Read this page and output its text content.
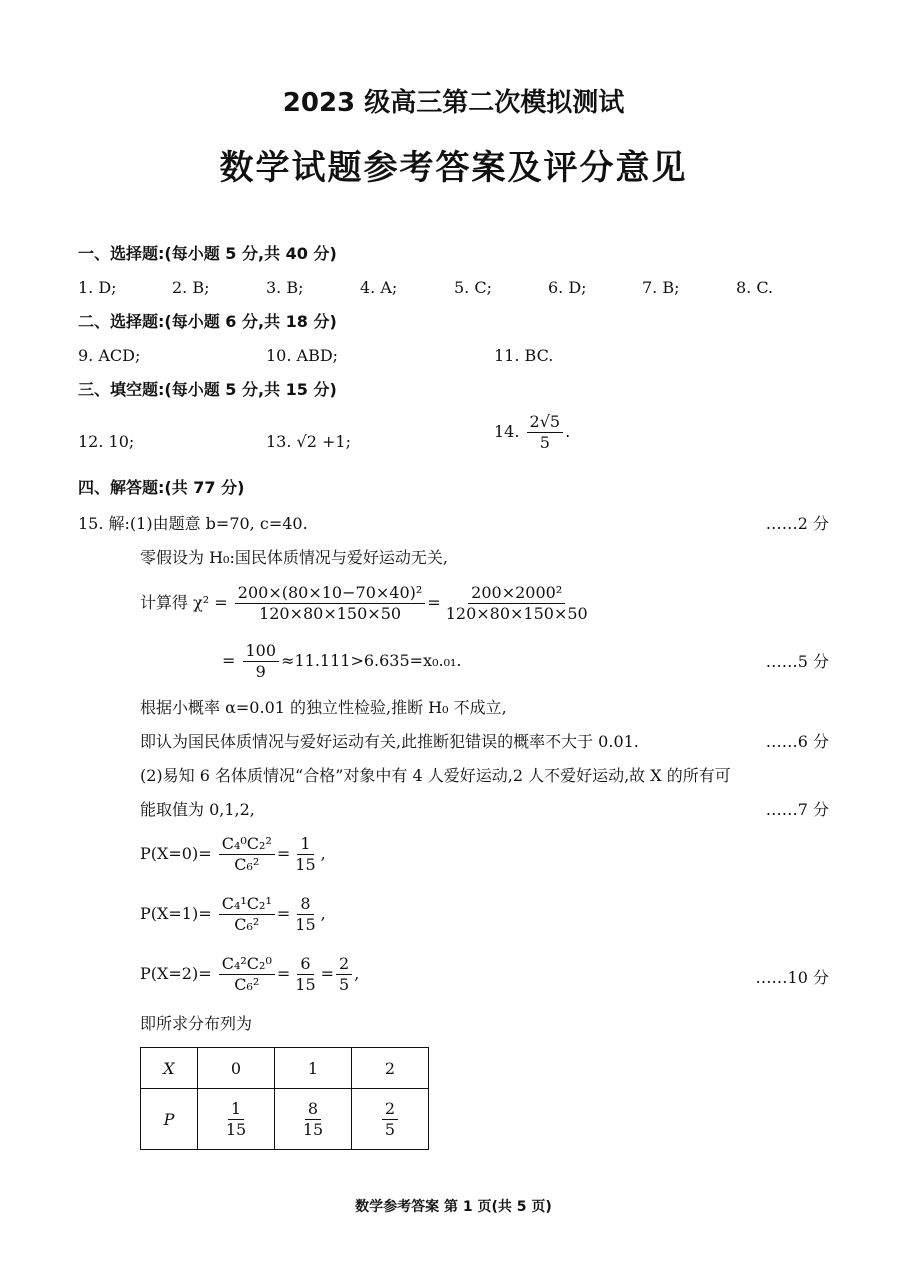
2023 级高三第二次模拟测试
数学试题参考答案及评分意见
一、选择题:(每小题 5 分,共 40 分)
1. D;	2. B;	3. B;	4. A;	5. C;	6. D;	7. B;	8. C.
二、选择题:(每小题 6 分,共 18 分)
9. ACD;	10. ABD;	11. BC.
三、填空题:(每小题 5 分,共 15 分)
12. 10;	13. √2 +1;
14. $\frac{2√5}{5}$ .
四、解答题:(共 77 分)
15. 解:(1)由题意 b=70, c=40.	……2 分
零假设为 H₀:国民体质情况与爱好运动无关,
计算得 $\chi^2 = \frac{\text{200×(80×10−70×40)²}}{120\times 80\times 150\times 50} = \frac{\text{200×2000²}}{120\times 80\times 150\times 50}$
= $\frac{100}{9} \approx 11.111>6.635=x_0._{01}$.	……5 分
根据小概率 α=0.01 的独立性检验,推断 H₀ 不成立,
即认为国民体质情况与爱好运动有关,此推断犯错误的概率不大于 0.01.	……6 分
(2)易知 6 名体质情况“合格”对象中有 4 人爱好运动,2 人不爱好运动,故 X 的所有可
能取值为 0,1,2,	……7 分
$P(X=0)= \frac{\text{C₄⁰C₂²}}{\text{C₆²}} = \frac{1}{15}$ ,
$P(X=1)= \frac{\text{C₄¹C₂¹}}{\text{C₆²}} = \frac{8}{15}$ ,
$P(X=2)= \frac{\text{C₄²C₂⁰}}{\text{C₆²}} = \frac{6}{15} = \frac{2}{5}$ ,	……10 分
即所求分布列为
X	0	1	2
P	$\frac{1}{15}$	$\frac{8}{15}$	$\frac{2}{5}$
数学参考答案 第 1 页(共 5 页)
